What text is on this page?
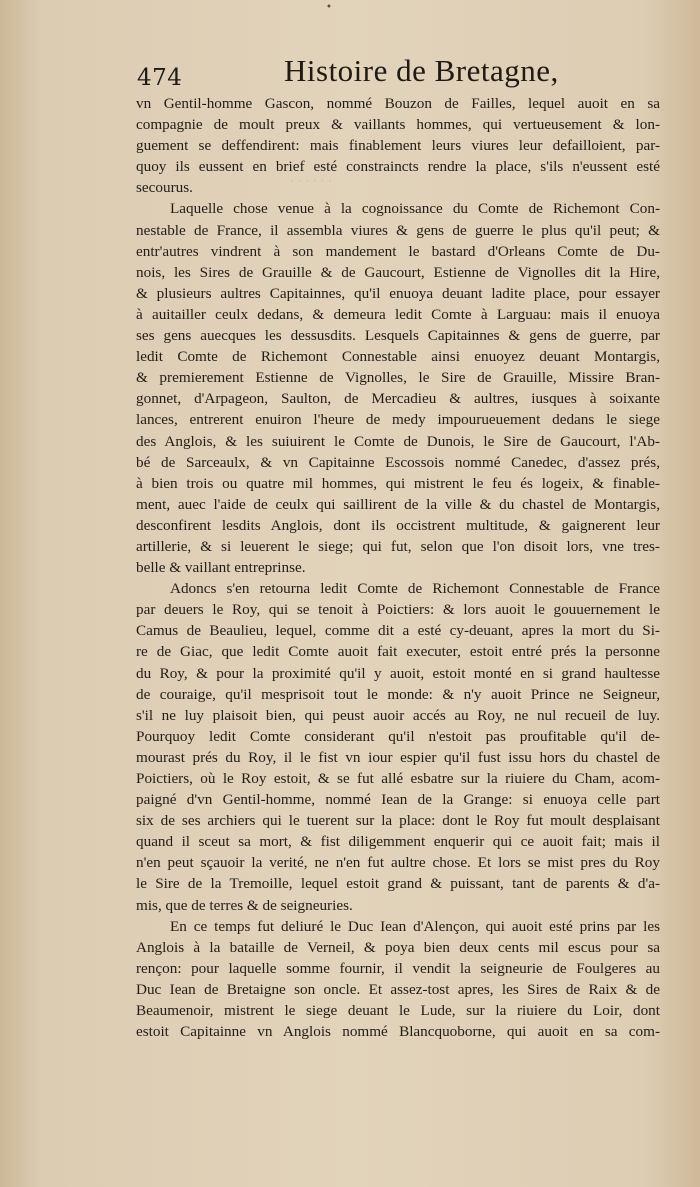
•
474	Histoire de Bretagne,
· · · · · ·
vn Gentil-homme Gascon, nommé Bouzon de Failles, lequel auoit en sa
compagnie de moult preux & vaillants hommes, qui vertueusement & lon-
guement se deffendirent: mais finablement leurs viures leur defailloient, par-
quoy ils eussent en brief esté constraincts rendre la place, s'ils n'eussent esté
secourus.
Laquelle chose venue à la cognoissance du Comte de Richemont Con-
nestable de France, il assembla viures & gens de guerre le plus qu'il peut; &
entr'autres vindrent à son mandement le bastard d'Orleans Comte de Du-
nois, les Sires de Grauille & de Gaucourt, Estienne de Vignolles dit la Hire,
& plusieurs aultres Capitainnes, qu'il enuoya deuant ladite place, pour essayer
à auitailler ceulx dedans, & demeura ledit Comte à Larguau: mais il enuoya
ses gens auecques les dessusdits. Lesquels Capitainnes & gens de guerre, par
ledit Comte de Richemont Connestable ainsi enuoyez deuant Montargis,
& premierement Estienne de Vignolles, le Sire de Grauille, Missire Bran-
gonnet, d'Arpageon, Saulton, de Mercadieu & aultres, iusques à soixante
lances, entrerent enuiron l'heure de medy impourueuement dedans le siege
des Anglois, & les suiuirent le Comte de Dunois, le Sire de Gaucourt, l'Ab-
bé de Sarceaulx, & vn Capitainne Escossois nommé Canedec, d'assez prés,
à bien trois ou quatre mil hommes, qui mistrent le feu és logeix, & finable-
ment, auec l'aide de ceulx qui saillirent de la ville & du chastel de Montargis,
desconfirent lesdits Anglois, dont ils occistrent multitude, & gaignerent leur
artillerie, & si leuerent le siege; qui fut, selon que l'on disoit lors, vne tres-
belle & vaillant entreprinse.
Adoncs s'en retourna ledit Comte de Richemont Connestable de France
par deuers le Roy, qui se tenoit à Poictiers: & lors auoit le gouuernement le
Camus de Beaulieu, lequel, comme dit a esté cy-deuant, apres la mort du Si-
re de Giac, que ledit Comte auoit fait executer, estoit entré prés la personne
du Roy, & pour la proximité qu'il y auoit, estoit monté en si grand haultesse
de couraige, qu'il mesprisoit tout le monde: & n'y auoit Prince ne Seigneur,
s'il ne luy plaisoit bien, qui peust auoir accés au Roy, ne nul recueil de luy.
Pourquoy ledit Comte considerant qu'il n'estoit pas proufitable qu'il de-
mourast prés du Roy, il le fist vn iour espier qu'il fust issu hors du chastel de
Poictiers, où le Roy estoit, & se fut allé esbatre sur la riuiere du Cham, acom-
paigné d'vn Gentil-homme, nommé Iean de la Grange: si enuoya celle part
six de ses archiers qui le tuerent sur la place: dont le Roy fut moult desplaisant
quand il sceut sa mort, & fist diligemment enquerir qui ce auoit fait; mais il
n'en peut sçauoir la verité, ne n'en fut aultre chose. Et lors se mist pres du Roy
le Sire de la Tremoille, lequel estoit grand & puissant, tant de parents & d'a-
mis, que de terres & de seigneuries.
En ce temps fut deliuré le Duc Iean d'Alençon, qui auoit esté prins par les
Anglois à la bataille de Verneil, & poya bien deux cents mil escus pour sa
rençon: pour laquelle somme fournir, il vendit la seigneurie de Foulgeres au
Duc Iean de Bretaigne son oncle. Et assez-tost apres, les Sires de Raix & de
Beaumenoir, mistrent le siege deuant le Lude, sur la riuiere du Loir, dont
estoit Capitainne vn Anglois nommé Blancquoborne, qui auoit en sa com-
